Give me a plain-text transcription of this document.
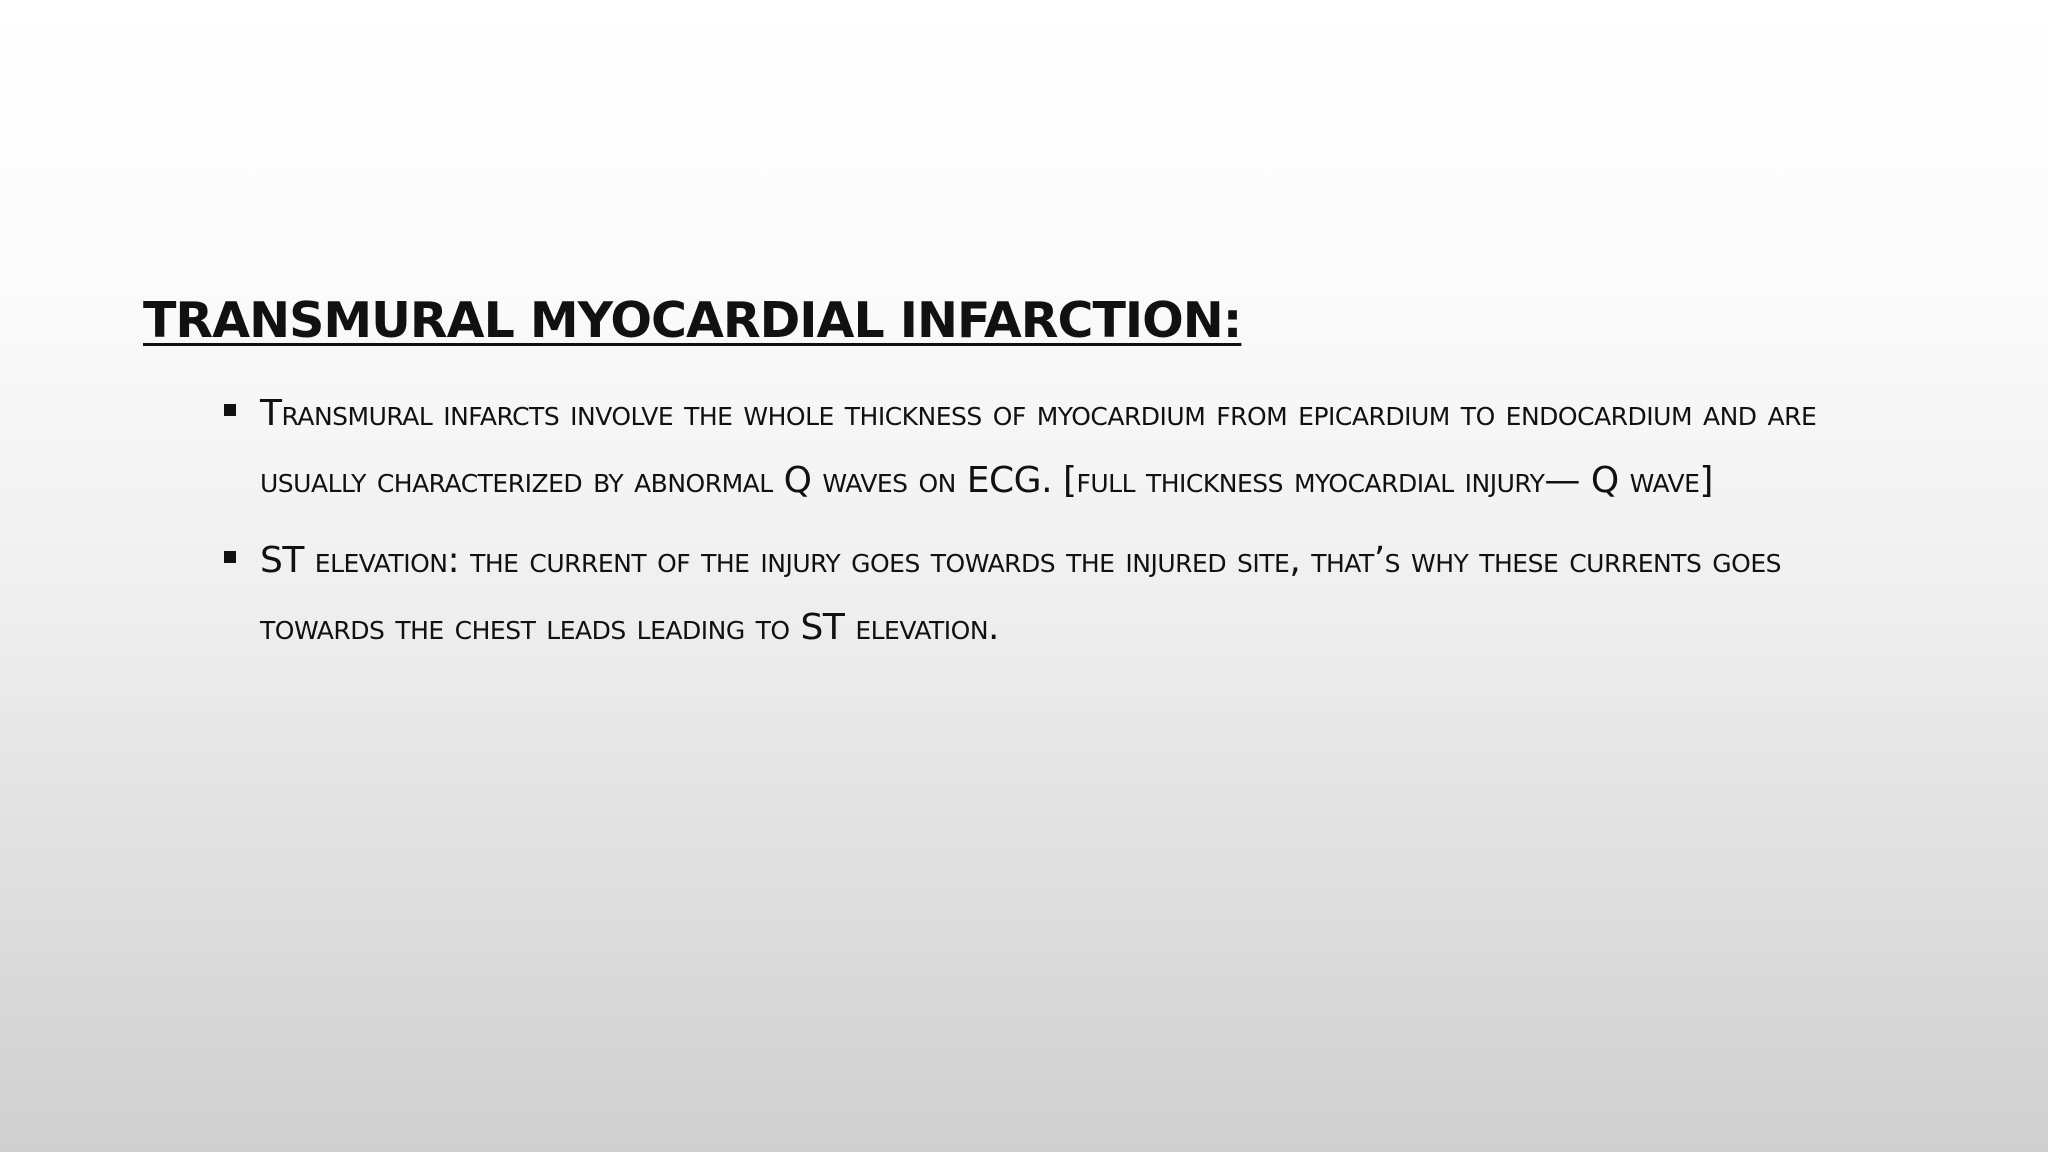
TRANSMURAL MYOCARDIAL INFARCTION:
Transmural infarcts involve the whole thickness of myocardium from epicardium to endocardium and are usually characterized by abnormal Q waves on ECG. [full thickness myocardial injury— Q wave]
ST elevation: the current of the injury goes towards the injured site, that’s why these currents goes towards the chest leads leading to ST elevation.
